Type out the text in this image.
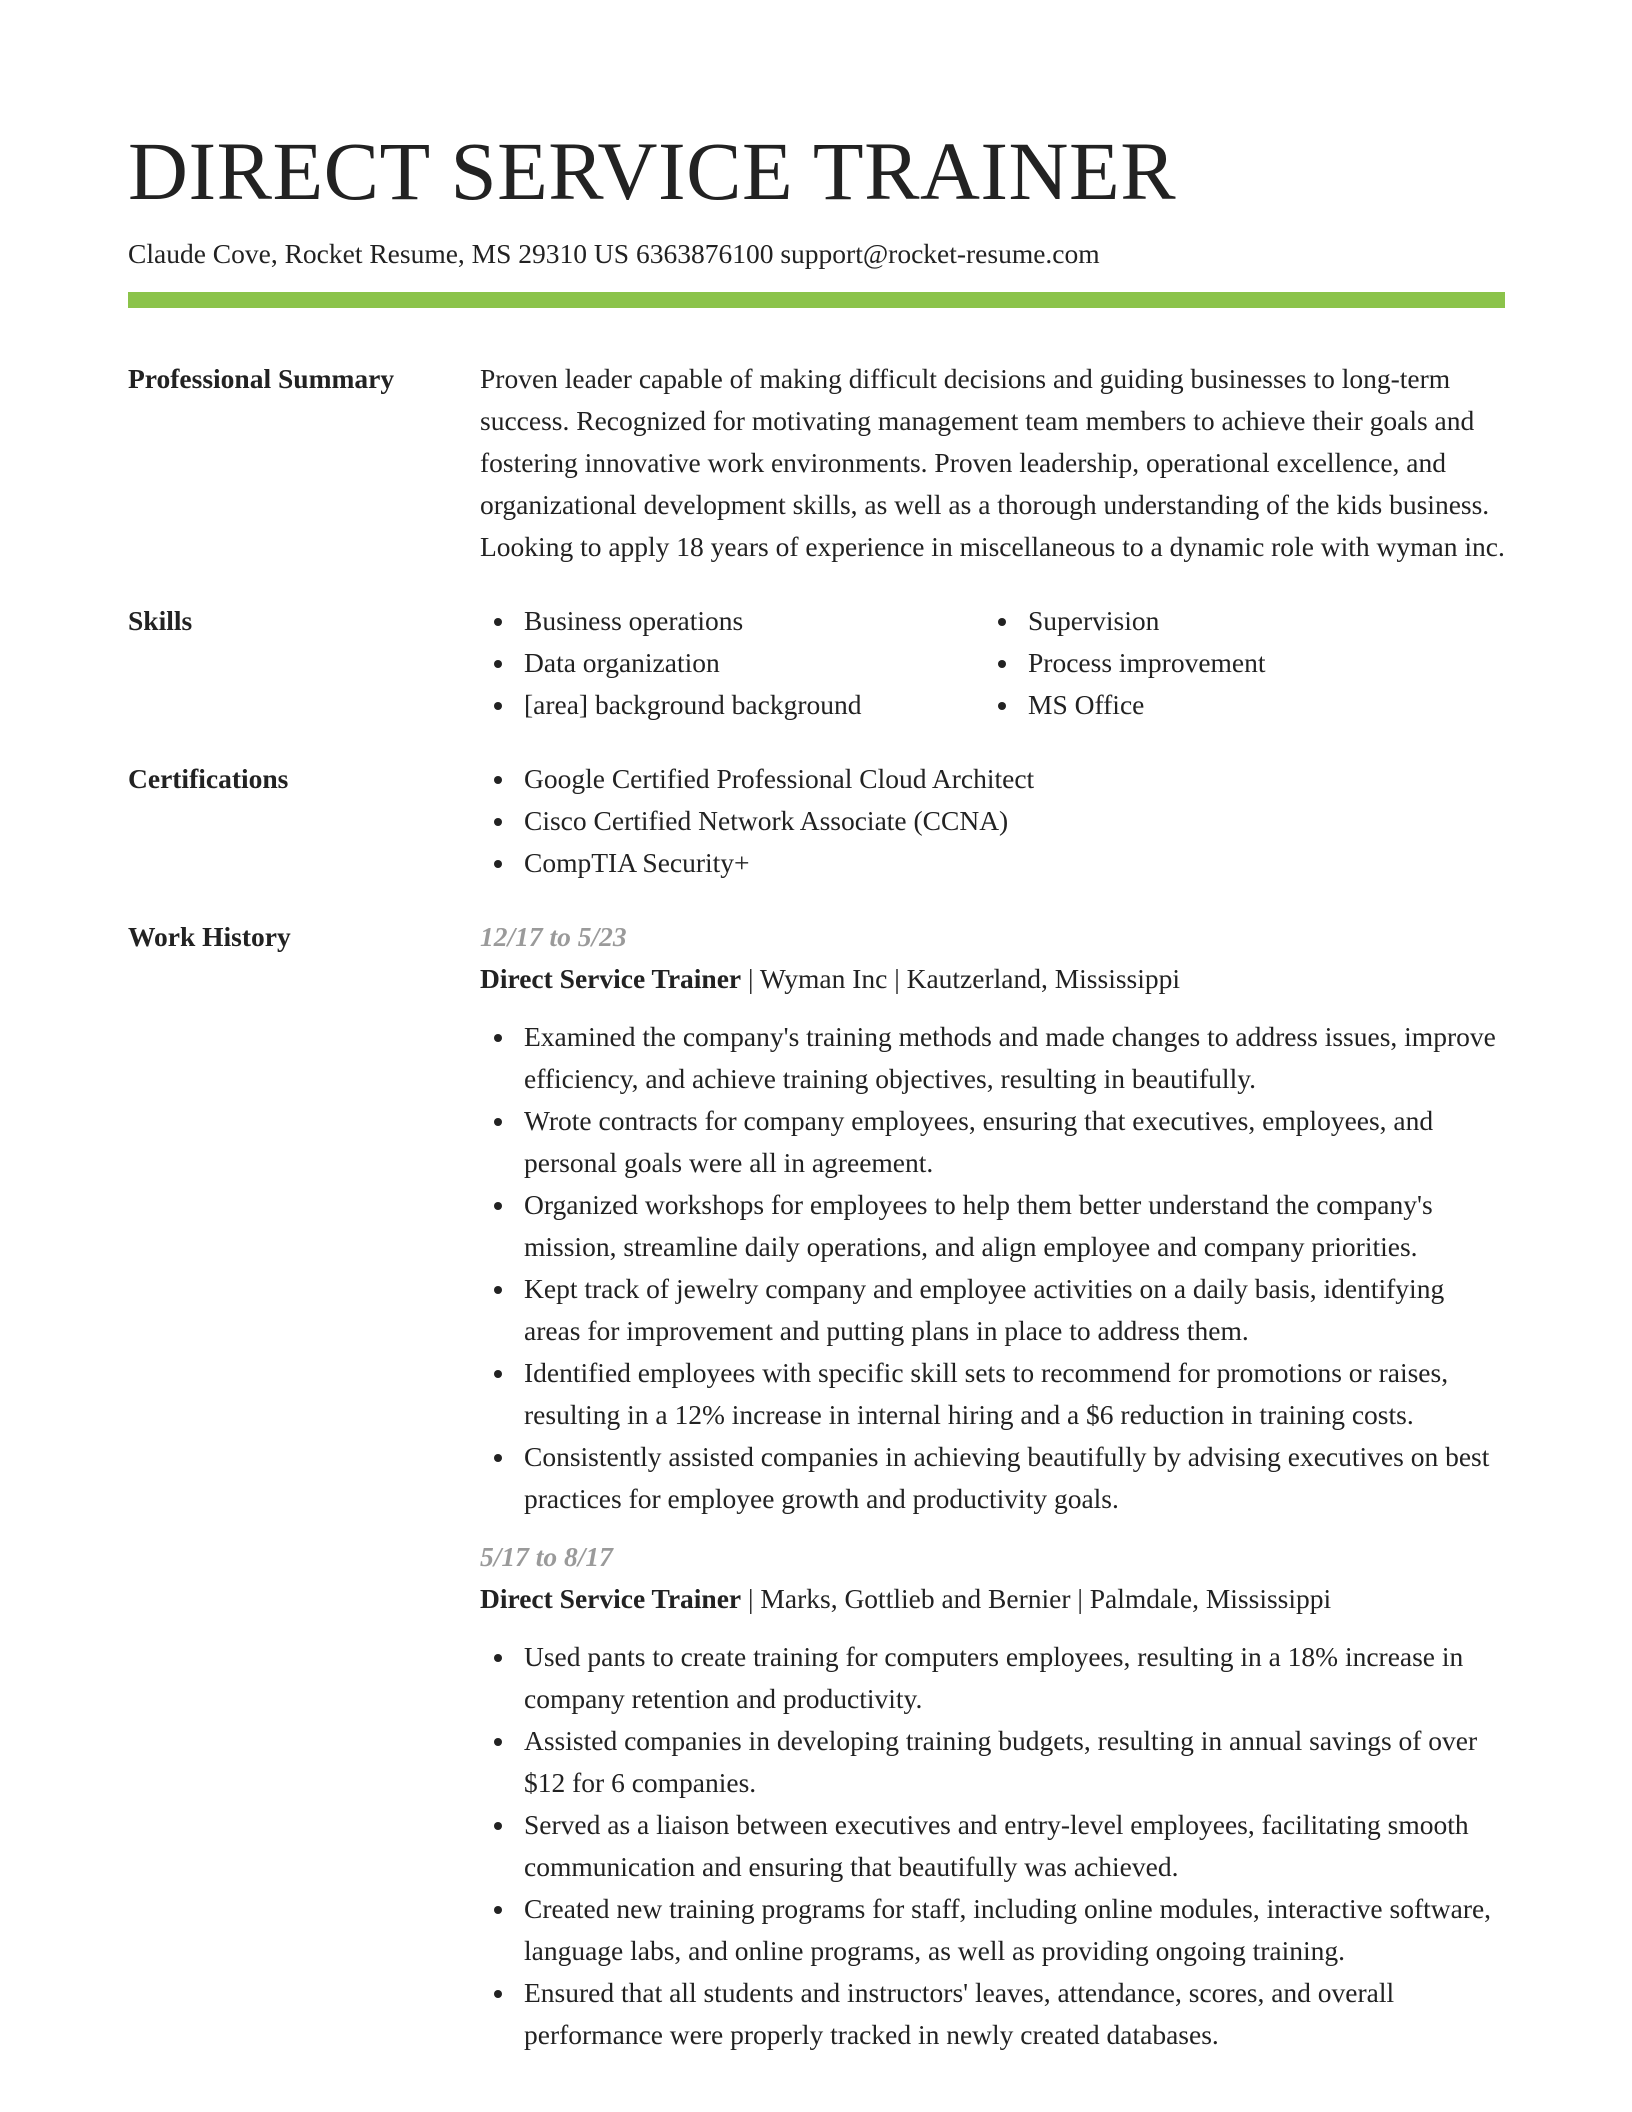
DIRECT SERVICE TRAINER
Claude Cove, Rocket Resume, MS 29310 US 6363876100 support@rocket-resume.com
Professional Summary	Proven leader capable of making difficult decisions and guiding businesses to long-term success. Recognized for motivating management team members to achieve their goals and fostering innovative work environments. Proven leadership, operational excellence, and organizational development skills, as well as a thorough understanding of the kids business. Looking to apply 18 years of experience in miscellaneous to a dynamic role with wyman inc.
Skills	Business operations
Data organization
[area] background background
Supervision
Process improvement
MS Office
Certifications	Google Certified Professional Cloud Architect
Cisco Certified Network Associate (CCNA)
CompTIA Security+
Work History	12/17 to 5/23
Direct Service Trainer | Wyman Inc | Kautzerland, Mississippi
Examined the company's training methods and made changes to address issues, improve efficiency, and achieve training objectives, resulting in beautifully.
Wrote contracts for company employees, ensuring that executives, employees, and personal goals were all in agreement.
Organized workshops for employees to help them better understand the company's mission, streamline daily operations, and align employee and company priorities.
Kept track of jewelry company and employee activities on a daily basis, identifying areas for improvement and putting plans in place to address them.
Identified employees with specific skill sets to recommend for promotions or raises, resulting in a 12% increase in internal hiring and a $6 reduction in training costs.
Consistently assisted companies in achieving beautifully by advising executives on best practices for employee growth and productivity goals.
5/17 to 8/17
Direct Service Trainer | Marks, Gottlieb and Bernier | Palmdale, Mississippi
Used pants to create training for computers employees, resulting in a 18% increase in company retention and productivity.
Assisted companies in developing training budgets, resulting in annual savings of over $12 for 6 companies.
Served as a liaison between executives and entry-level employees, facilitating smooth communication and ensuring that beautifully was achieved.
Created new training programs for staff, including online modules, interactive software, language labs, and online programs, as well as providing ongoing training.
Ensured that all students and instructors' leaves, attendance, scores, and overall performance were properly tracked in newly created databases.
